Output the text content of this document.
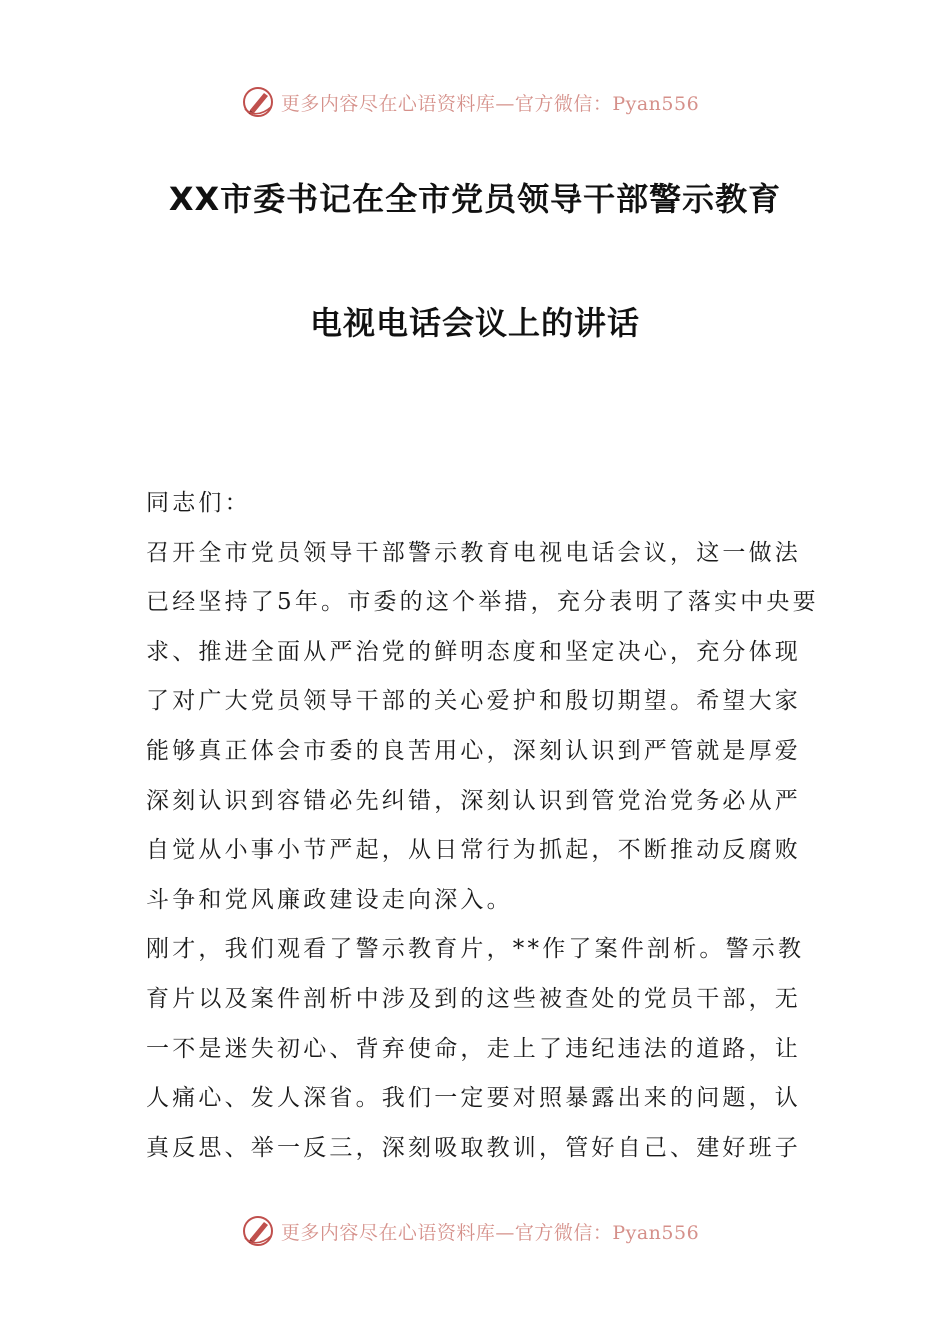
更多内容尽在心语资料库—官方微信：Pyan556
XX市委书记在全市党员领导干部警示教育
电视电话会议上的讲话
同志们：
召开全市党员领导干部警示教育电视电话会议，这一做法
已经坚持了5年。市委的这个举措，充分表明了落实中央要
求、推进全面从严治党的鲜明态度和坚定决心，充分体现
了对广大党员领导干部的关心爱护和殷切期望。希望大家
能够真正体会市委的良苦用心，深刻认识到严管就是厚爱
深刻认识到容错必先纠错，深刻认识到管党治党务必从严
自觉从小事小节严起，从日常行为抓起，不断推动反腐败
斗争和党风廉政建设走向深入。
刚才，我们观看了警示教育片，**作了案件剖析。警示教
育片以及案件剖析中涉及到的这些被查处的党员干部，无
一不是迷失初心、背弃使命，走上了违纪违法的道路，让
人痛心、发人深省。我们一定要对照暴露出来的问题，认
真反思、举一反三，深刻吸取教训，管好自己、建好班子
更多内容尽在心语资料库—官方微信：Pyan556
